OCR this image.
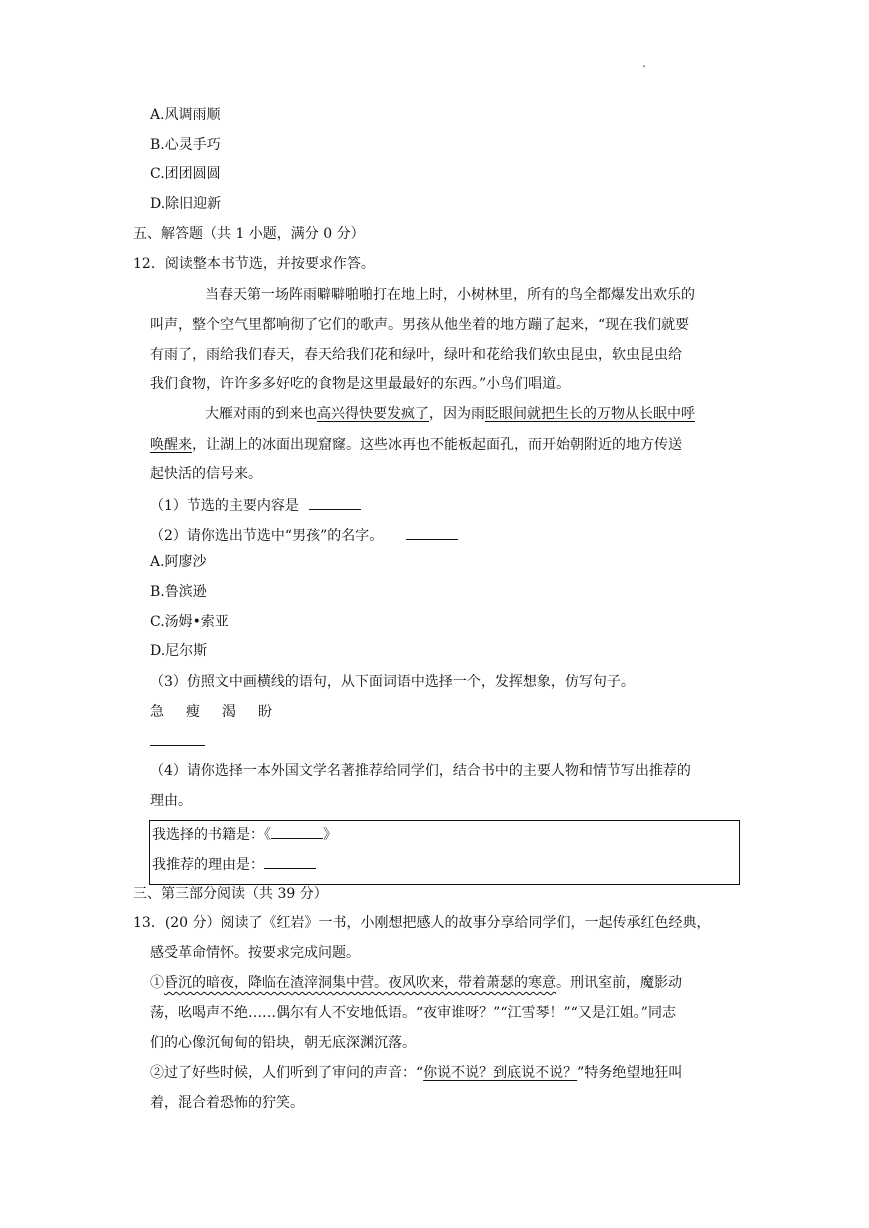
.
A.风调雨顺
B.心灵手巧
C.团团圆圆
D.除旧迎新
五、解答题（共 1 小题，满分 0 分）
12．阅读整本书节选，并按要求作答。
当春天第一场阵雨噼噼啪啪打在地上时，小树林里，所有的鸟全都爆发出欢乐的
叫声，整个空气里都响彻了它们的歌声。男孩从他坐着的地方蹦了起来，“现在我们就要
有雨了，雨给我们春天，春天给我们花和绿叶，绿叶和花给我们软虫昆虫，软虫昆虫给
我们食物，许许多多好吃的食物是这里最最好的东西。”小鸟们唱道。
大雁对雨的到来也高兴得快要发疯了，因为雨眨眼间就把生长的万物从长眠中呼
唤醒来，让湖上的冰面出现窟窿。这些冰再也不能板起面孔，而开始朝附近的地方传送
起快活的信号来。
（1）节选的主要内容是
（2）请你选出节选中“男孩”的名字。
A.阿廖沙
B.鲁滨逊
C.汤姆•索亚
D.尼尔斯
（3）仿照文中画横线的语句，从下面词语中选择一个，发挥想象，仿写句子。
急 瘦 渴 盼
（4）请你选择一本外国文学名著推荐给同学们，结合书中的主要人物和情节写出推荐的
理由。
我选择的书籍是：《	》
我推荐的理由是：
三、第三部分阅读（共 39 分）
13．(20 分）阅读了《红岩》一书，小刚想把感人的故事分享给同学们，一起传承红色经典，
感受革命情怀。按要求完成问题。
①昏沉的暗夜，降临在渣滓洞集中营。夜风吹来，带着萧瑟的寒意。刑讯室前，魔影动
荡，吆喝声不绝……偶尔有人不安地低语。“夜审谁呀？”“江雪琴！”“又是江姐。”同志
们的心像沉甸甸的铅块，朝无底深渊沉落。
②过了好些时候，人们听到了审问的声音：“你说不说？到底说不说？”特务绝望地狂叫
着，混合着恐怖的狞笑。
